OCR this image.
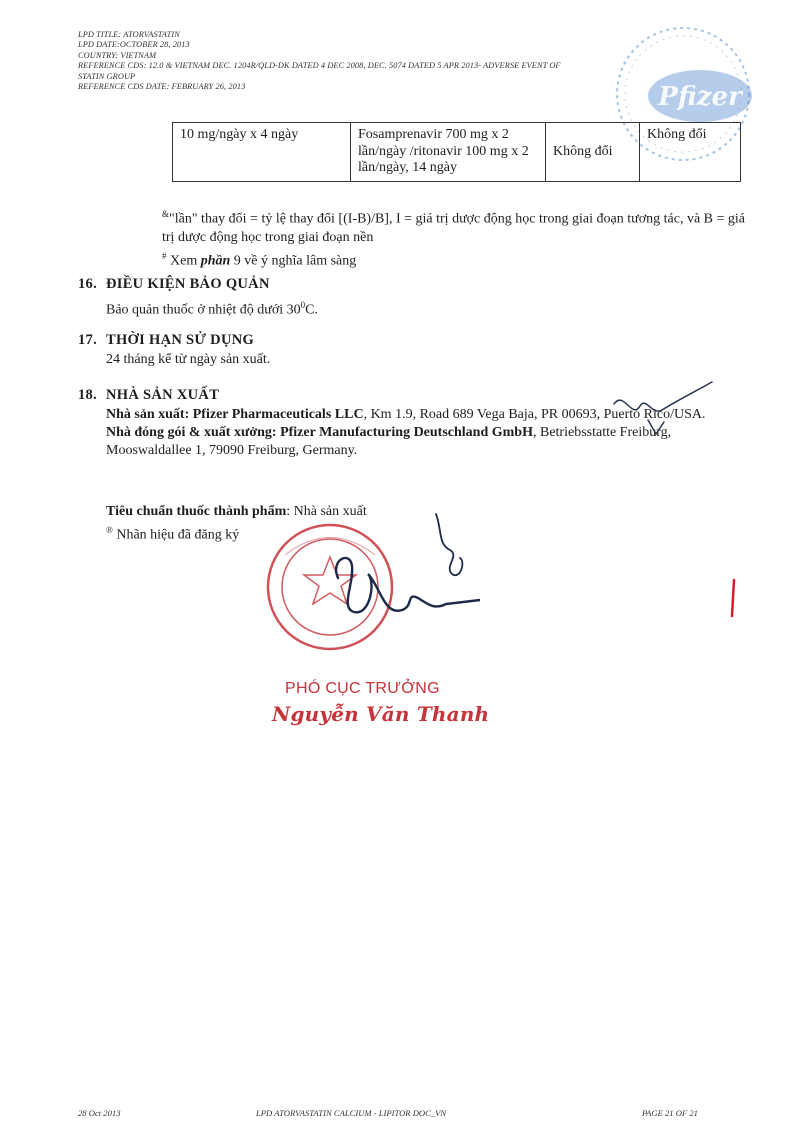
LPD TITLE: ATORVASTATIN
LPD DATE:OCTOBER 28, 2013
COUNTRY: VIETNAM
REFERENCE CDS: 12.0 & VIETNAM DEC. 1204R/QLD-DK DATED 4 DEC 2008, DEC. 5074 DATED 5 APR 2013- ADVERSE EVENT OF
STATIN GROUP
REFERENCE CDS DATE: FEBRUARY 26, 2013	Pfizer
10 mg/ngày x 4 ngày	Fosamprenavir 700 mg x 2 lần/ngày /ritonavir 100 mg x 2 lần/ngày, 14 ngày	Không đổi	Không đổi
&"lần" thay đổi = tỷ lệ thay đổi [(I-B)/B], I = giá trị dược động học trong giai đoạn tương tác, và B = giá trị dược động học trong giai đoạn nền
# Xem phần 9 về ý nghĩa lâm sàng
16. ĐIỀU KIỆN BẢO QUẢN
Bảo quản thuốc ở nhiệt độ dưới $30^0C$.
17. THỜI HẠN SỬ DỤNG
24 tháng kể từ ngày sản xuất.
18. NHÀ SẢN XUẤT
Nhà sản xuất: Pfizer Pharmaceuticals LLC, Km 1.9, Road 689 Vega Baja, PR 00693, Puerto Rico/USA.
Nhà đóng gói & xuất xưởng: Pfizer Manufacturing Deutschland GmbH, Betriebsstatte Freiburg, Mooswaldallee 1, 79090 Freiburg, Germany.
Tiêu chuẩn thuốc thành phẩm: Nhà sản xuất
® Nhãn hiệu đã đăng ký
PHÓ CỤC TRƯỞNG
Nguyễn Văn Thanh
28 Oct 2013	LPD ATORVASTATIN CALCIUM - LIPITOR DOC_VN	PAGE 21 OF 21
